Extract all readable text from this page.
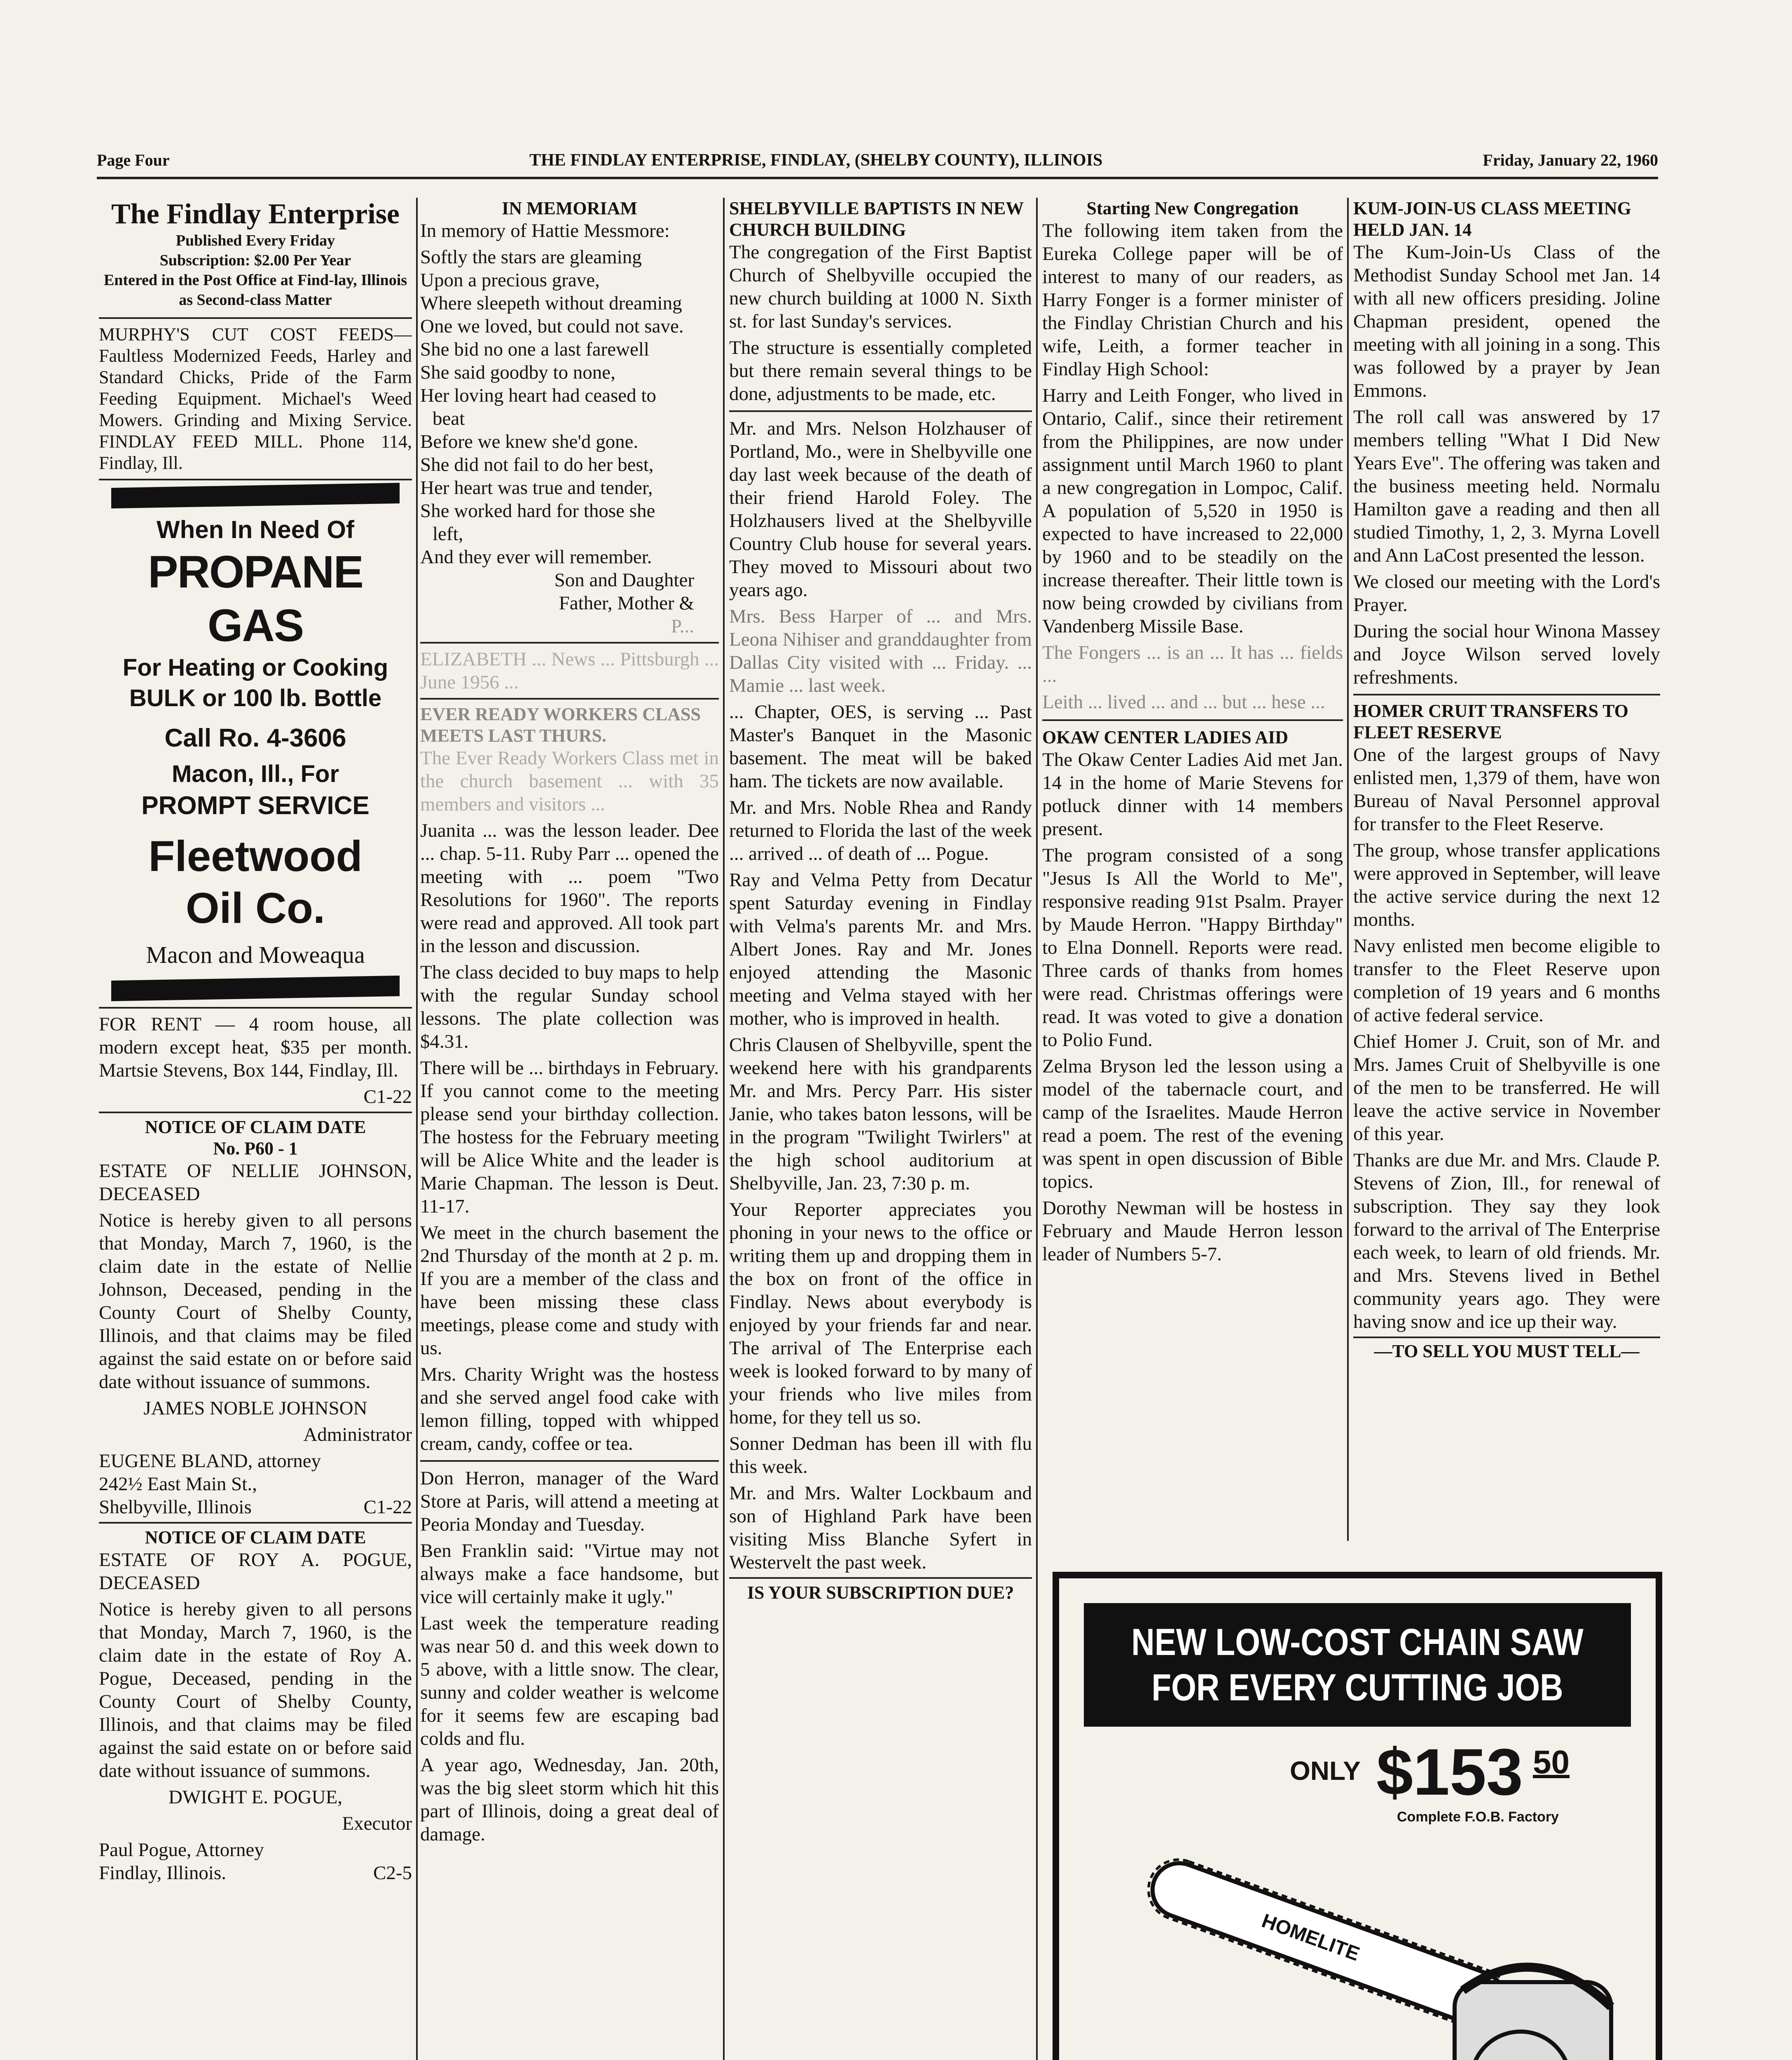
Page Four	THE FINDLAY ENTERPRISE, FINDLAY, (SHELBY COUNTY), ILLINOIS	Friday, January 22, 1960
The Findlay Enterprise
Published Every Friday
Subscription: $2.00 Per Year
Entered in the Post Office at Find-lay, Illinois as Second-class Matter

MURPHY'S CUT COST FEEDS—Faultless Modernized Feeds, Harley and Standard Chicks, Pride of the Farm Feeding Equipment. Michael's Weed Mowers. Grinding and Mixing Service. FINDLAY FEED MILL. Phone 114, Findlay, Ill.

When In Need Of
PROPANE GAS
For Heating or Cooking
BULK or 100 lb. Bottle
Call Ro. 4-3606
Macon, Ill., For
PROMPT SERVICE
Fleetwood
Oil Co.
Macon and Moweaqua

FOR RENT — 4 room house, all modern except heat, $35 per month. Martsie Stevens, Box 144, Findlay, Ill.

C1-22

NOTICE OF CLAIM DATE
No. P60 - 1

ESTATE OF NELLIE JOHNSON, DECEASED

Notice is hereby given to all persons that Monday, March 7, 1960, is the claim date in the estate of Nellie Johnson, Deceased, pending in the County Court of Shelby County, Illinois, and that claims may be filed against the said estate on or before said date without issuance of summons.

JAMES NOBLE JOHNSON

Administrator

EUGENE BLAND, attorney

242½ East Main St.,

Shelbyville, Illinois	C1-22

NOTICE OF CLAIM DATE

ESTATE OF ROY A. POGUE, DECEASED

Notice is hereby given to all persons that Monday, March 7, 1960, is the claim date in the estate of Roy A. Pogue, Deceased, pending in the County Court of Shelby County, Illinois, and that claims may be filed against the said estate on or before said date without issuance of summons.

DWIGHT E. POGUE,

Executor

Paul Pogue, Attorney

Findlay, Illinois.	C2-5

IN MEMORIAM

In memory of Hattie Messmore:

Softly the stars are gleaming
Upon a precious grave,
Where sleepeth without dreaming
One we loved, but could not save.
She bid no one a last farewell
She said goodby to none,
Her loving heart had ceased to
beat
Before we knew she'd gone.
She did not fail to do her best,
Her heart was true and tender,
She worked hard for those she
left,
And they ever will remember.
Son and Daughter
Father, Mother &
P...

ELIZABETH ... News ... Pittsburgh ... June 1956 ...

EVER READY WORKERS CLASS MEETS LAST THURS.

The Ever Ready Workers Class met in the church basement ... with 35 members and visitors ...

Juanita ... was the lesson leader. Dee ... chap. 5-11. Ruby Parr ... opened the meeting with ... poem "Two Resolutions for 1960". The reports were read and approved. All took part in the lesson and discussion.

The class decided to buy maps to help with the regular Sunday school lessons. The plate collection was $4.31.

There will be ... birthdays in February. If you cannot come to the meeting please send your birthday collection. The hostess for the February meeting will be Alice White and the leader is Marie Chapman. The lesson is Deut. 11-17.

We meet in the church basement the 2nd Thursday of the month at 2 p. m. If you are a member of the class and have been missing these class meetings, please come and study with us.

Mrs. Charity Wright was the hostess and she served angel food cake with lemon filling, topped with whipped cream, candy, coffee or tea.

Don Herron, manager of the Ward Store at Paris, will attend a meeting at Peoria Monday and Tuesday.

Ben Franklin said: "Virtue may not always make a face handsome, but vice will certainly make it ugly."

Last week the temperature reading was near 50 d. and this week down to 5 above, with a little snow. The clear, sunny and colder weather is welcome for it seems few are escaping bad colds and flu.

A year ago, Wednesday, Jan. 20th, was the big sleet storm which hit this part of Illinois, doing a great deal of damage.

SHELBYVILLE BAPTISTS IN NEW CHURCH BUILDING

The congregation of the First Baptist Church of Shelbyville occupied the new church building at 1000 N. Sixth st. for last Sunday's services.

The structure is essentially completed but there remain several things to be done, adjustments to be made, etc.

Mr. and Mrs. Nelson Holzhauser of Portland, Mo., were in Shelbyville one day last week because of the death of their friend Harold Foley. The Holzhausers lived at the Shelbyville Country Club house for several years. They moved to Missouri about two years ago.

Mrs. Bess Harper of ... and Mrs. Leona Nihiser and granddaughter from Dallas City visited with ... Friday. ... Mamie ... last week.

... Chapter, OES, is serving ... Past Master's Banquet in the Masonic basement. The meat will be baked ham. The tickets are now available.

Mr. and Mrs. Noble Rhea and Randy returned to Florida the last of the week ... arrived ... of death of ... Pogue.

Ray and Velma Petty from Decatur spent Saturday evening in Findlay with Velma's parents Mr. and Mrs. Albert Jones. Ray and Mr. Jones enjoyed attending the Masonic meeting and Velma stayed with her mother, who is improved in health.

Chris Clausen of Shelbyville, spent the weekend here with his grandparents Mr. and Mrs. Percy Parr. His sister Janie, who takes baton lessons, will be in the program "Twilight Twirlers" at the high school auditorium at Shelbyville, Jan. 23, 7:30 p. m.

Your Reporter appreciates you phoning in your news to the office or writing them up and dropping them in the box on front of the office in Findlay. News about everybody is enjoyed by your friends far and near. The arrival of The Enterprise each week is looked forward to by many of your friends who live miles from home, for they tell us so.

Sonner Dedman has been ill with flu this week.

Mr. and Mrs. Walter Lockbaum and son of Highland Park have been visiting Miss Blanche Syfert in Westervelt the past week.

IS YOUR SUBSCRIPTION DUE?
Starting New Congregation

The following item taken from the Eureka College paper will be of interest to many of our readers, as Harry Fonger is a former minister of the Findlay Christian Church and his wife, Leith, a former teacher in Findlay High School:

Harry and Leith Fonger, who lived in Ontario, Calif., since their retirement from the Philippines, are now under assignment until March 1960 to plant a new congregation in Lompoc, Calif. A population of 5,520 in 1950 is expected to have increased to 22,000 by 1960 and to be steadily on the increase thereafter. Their little town is now being crowded by civilians from Vandenberg Missile Base.

The Fongers ... is an ... It has ... fields ...

Leith ... lived ... and ... but ... hese ...

OKAW CENTER LADIES AID

The Okaw Center Ladies Aid met Jan. 14 in the home of Marie Stevens for potluck dinner with 14 members present.

The program consisted of a song "Jesus Is All the World to Me", responsive reading 91st Psalm. Prayer by Maude Herron. "Happy Birthday" to Elna Donnell. Reports were read. Three cards of thanks from homes were read. Christmas offerings were read. It was voted to give a donation to Polio Fund.

Zelma Bryson led the lesson using a model of the tabernacle court, and camp of the Israelites. Maude Herron read a poem. The rest of the evening was spent in open discussion of Bible topics.

Dorothy Newman will be hostess in February and Maude Herron lesson leader of Numbers 5-7.

KUM-JOIN-US CLASS MEETING HELD JAN. 14

The Kum-Join-Us Class of the Methodist Sunday School met Jan. 14 with all new officers presiding. Joline Chapman president, opened the meeting with all joining in a song. This was followed by a prayer by Jean Emmons.

The roll call was answered by 17 members telling "What I Did New Years Eve". The offering was taken and the business meeting held. Normalu Hamilton gave a reading and then all studied Timothy, 1, 2, 3. Myrna Lovell and Ann LaCost presented the lesson.

We closed our meeting with the Lord's Prayer.

During the social hour Winona Massey and Joyce Wilson served lovely refreshments.

HOMER CRUIT TRANSFERS TO FLEET RESERVE

One of the largest groups of Navy enlisted men, 1,379 of them, have won Bureau of Naval Personnel approval for transfer to the Fleet Reserve.

The group, whose transfer applications were approved in September, will leave the active service during the next 12 months.

Navy enlisted men become eligible to transfer to the Fleet Reserve upon completion of 19 years and 6 months of active federal service.

Chief Homer J. Cruit, son of Mr. and Mrs. James Cruit of Shelbyville is one of the men to be transferred. He will leave the active service in November of this year.

Thanks are due Mr. and Mrs. Claude P. Stevens of Zion, Ill., for renewal of subscription. They say they look forward to the arrival of The Enterprise each week, to learn of old friends. Mr. and Mrs. Stevens lived in Bethel community years ago. They were having snow and ice up their way.

—TO SELL YOU MUST TELL—

NEW LOW-COST CHAIN SAW
FOR EVERY CUTTING JOB
ONLY $153 50
Complete F.O.B. Factory
HOMELITE
